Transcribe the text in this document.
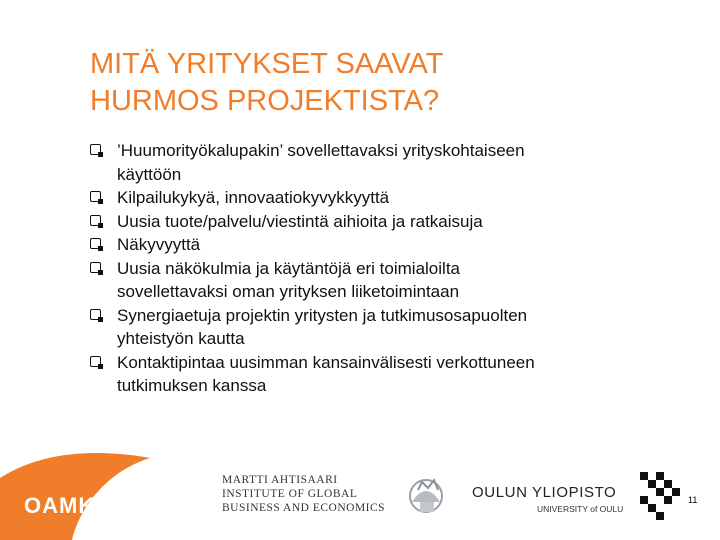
MITÄ YRITYKSET SAAVAT
HURMOS PROJEKTISTA?
’Huumorityökalupakin’ sovellettavaksi yrityskohtaiseen
käyttöön
Kilpailukykyä, innovaatiokyvykkyyttä
Uusia tuote/palvelu/viestintä aihioita ja ratkaisuja
Näkyvyyttä
Uusia näkökulmia ja käytäntöjä eri toimialoilta
sovellettavaksi oman yrityksen liiketoimintaan
Synergiaetuja projektin yritysten ja tutkimusosapuolten
yhteistyön kautta
Kontaktipintaa uusimman kansainvälisesti verkottuneen
tutkimuksen kanssa
OAMK
MARTTI AHTISAARI
INSTITUTE OF GLOBAL
BUSINESS AND ECONOMICS
OULUN YLIOPISTO
UNIVERSITY of OULU
11
